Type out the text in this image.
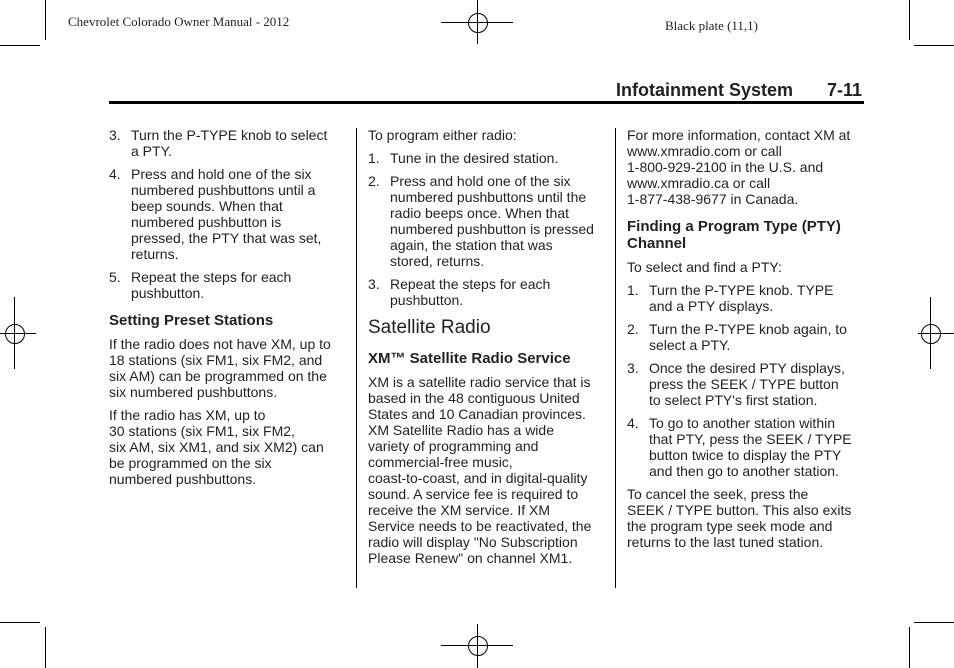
Chevrolet Colorado Owner Manual - 2012	Black plate (11,1)
Infotainment System 7-11
3. Turn the P-TYPE knob to select
a PTY.
4. Press and hold one of the six
numbered pushbuttons until a
beep sounds. When that
numbered pushbutton is
pressed, the PTY that was set,
returns.
5. Repeat the steps for each
pushbutton.
Setting Preset Stations
If the radio does not have XM, up to
18 stations (six FM1, six FM2, and
six AM) can be programmed on the
six numbered pushbuttons.
If the radio has XM, up to
30 stations (six FM1, six FM2,
six AM, six XM1, and six XM2) can
be programmed on the six
numbered pushbuttons.
To program either radio:
1. Tune in the desired station.
2. Press and hold one of the six
numbered pushbuttons until the
radio beeps once. When that
numbered pushbutton is pressed
again, the station that was
stored, returns.
3. Repeat the steps for each
pushbutton.
Satellite Radio
XM™ Satellite Radio Service
XM is a satellite radio service that is
based in the 48 contiguous United
States and 10 Canadian provinces.
XM Satellite Radio has a wide
variety of programming and
commercial-free music,
coast-to-coast, and in digital-quality
sound. A service fee is required to
receive the XM service. If XM
Service needs to be reactivated, the
radio will display "No Subscription
Please Renew" on channel XM1.
For more information, contact XM at
www.xmradio.com or call
1-800-929-2100 in the U.S. and
www.xmradio.ca or call
1-877-438-9677 in Canada.
Finding a Program Type (PTY)
Channel
To select and find a PTY:
1. Turn the P-TYPE knob. TYPE
and a PTY displays.
2. Turn the P-TYPE knob again, to
select a PTY.
3. Once the desired PTY displays,
press the SEEK / TYPE button
to select PTY's first station.
4. To go to another station within
that PTY, pess the SEEK / TYPE
button twice to display the PTY
and then go to another station.
To cancel the seek, press the
SEEK / TYPE button. This also exits
the program type seek mode and
returns to the last tuned station.
